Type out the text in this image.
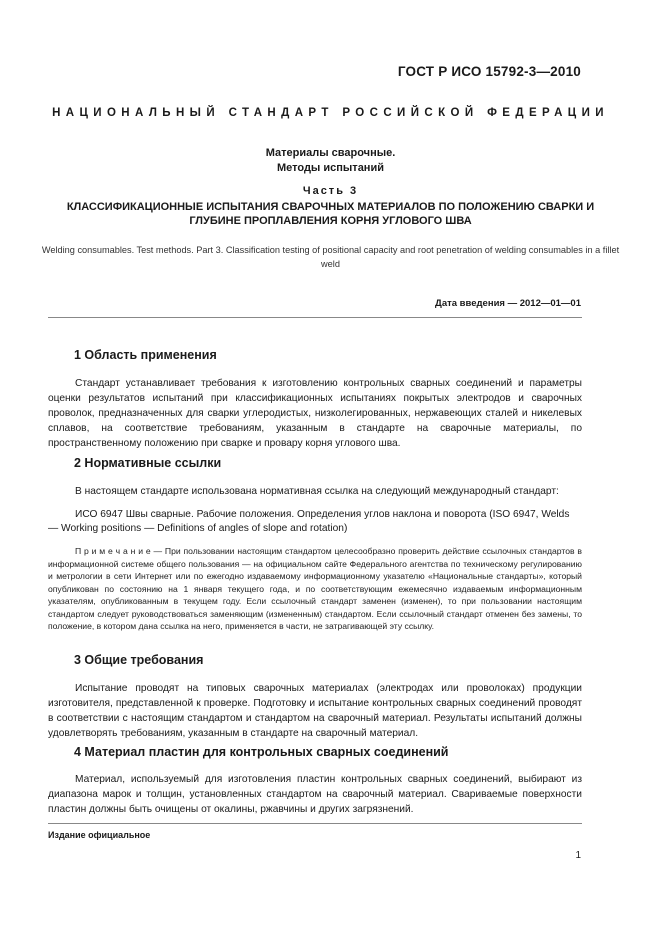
ГОСТ Р ИСО 15792-3—2010
НАЦИОНАЛЬНЫЙ СТАНДАРТ РОССИЙСКОЙ ФЕДЕРАЦИИ
Материалы сварочные.
Методы испытаний
Часть 3
КЛАССИФИКАЦИОННЫЕ ИСПЫТАНИЯ СВАРОЧНЫХ МАТЕРИАЛОВ ПО ПОЛОЖЕНИЮ СВАРКИ И ГЛУБИНЕ ПРОПЛАВЛЕНИЯ КОРНЯ УГЛОВОГО ШВА
Welding consumables. Test methods. Part 3. Classification testing of positional capacity and root penetration of welding consumables in a fillet weld
Дата введения — 2012—01—01
1 Область применения
Стандарт устанавливает требования к изготовлению контрольных сварных соединений и параметры оценки результатов испытаний при классификационных испытаниях покрытых электродов и сварочных проволок, предназначенных для сварки углеродистых, низколегированных, нержавеющих сталей и никелевых сплавов, на соответствие требованиям, указанным в стандарте на сварочные материалы, по пространственному положению при сварке и провару корня углового шва.
2 Нормативные ссылки
В настоящем стандарте использована нормативная ссылка на следующий международный стандарт:
ИСО 6947 Швы сварные. Рабочие положения. Определения углов наклона и поворота (ISO 6947, Welds — Working positions — Definitions of angles of slope and rotation)
П р и м е ч а н и е — При пользовании настоящим стандартом целесообразно проверить действие ссылочных стандартов в информационной системе общего пользования — на официальном сайте Федерального агентства по техническому регулированию и метрологии в сети Интернет или по ежегодно издаваемому информационному указателю «Национальные стандарты», который опубликован по состоянию на 1 января текущего года, и по соответствующим ежемесячно издаваемым информационным указателям, опубликованным в текущем году. Если ссылочный стандарт заменен (изменен), то при пользовании настоящим стандартом следует руководствоваться заменяющим (измененным) стандартом. Если ссылочный стандарт отменен без замены, то положение, в котором дана ссылка на него, применяется в части, не затрагивающей эту ссылку.
3 Общие требования
Испытание проводят на типовых сварочных материалах (электродах или проволоках) продукции изготовителя, представленной к проверке. Подготовку и испытание контрольных сварных соединений проводят в соответствии с настоящим стандартом и стандартом на сварочный материал. Результаты испытаний должны удовлетворять требованиям, указанным в стандарте на сварочный материал.
4 Материал пластин для контрольных сварных соединений
Материал, используемый для изготовления пластин контрольных сварных соединений, выбирают из диапазона марок и толщин, установленных стандартом на сварочный материал. Свариваемые поверхности пластин должны быть очищены от окалины, ржавчины и других загрязнений.
Издание официальное
1
